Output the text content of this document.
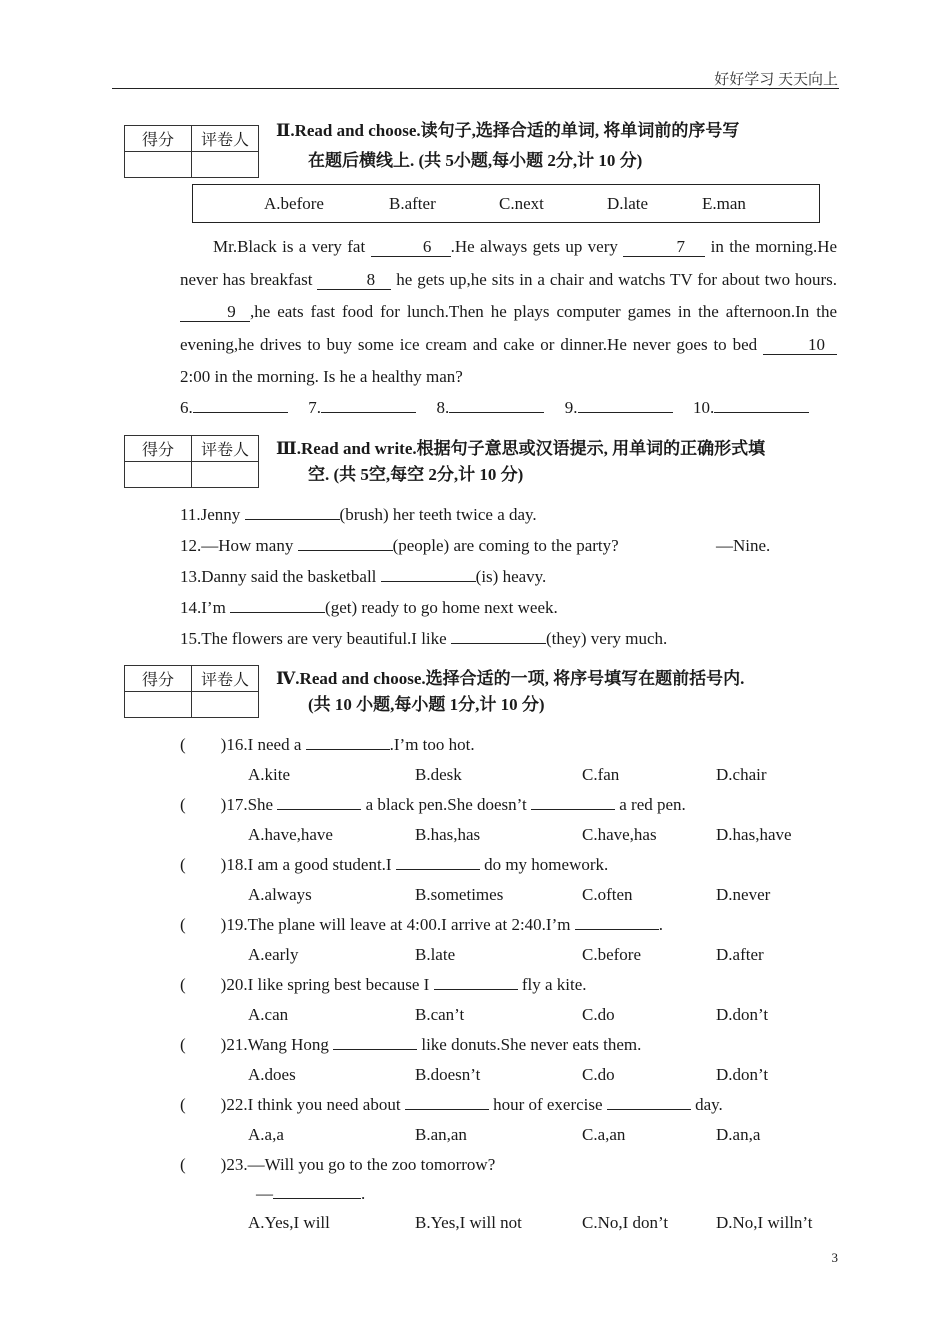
好好学习 天天向上
得分	评卷人

Ⅱ.Read and choose.读句子,选择合适的单词, 将单词前的序号写
在题后横线上. (共 5小题,每小题 2分,计 10 分)
A.before	B.after	C.next	D.late	E.man
Mr.Black is a very fat	6 .He always gets up very	7 in the morning.He never has breakfast	8 he gets up,he sits in a chair and watchs TV for about two hours.9 ,he eats fast food for lunch.Then he plays computer games in the afternoon.In the evening,he drives to buy some ice cream and cake or dinner.He never goes to bed	10 2:00 in the morning. Is he a healthy man?
6.	7.	8.	9.	10.
得分	评卷人
	Ⅲ.Read and write.根据句子意思或汉语提示, 用单词的正确形式填
空. (共 5空,每空 2分,计 10 分)
11.Jenny	(brush) her teeth twice a day.
12.—How many	(people) are coming to the party?	—Nine.
13.Danny said the basketball	(is) heavy.
14.I’m	(get) ready to go home next week.
15.The flowers are very beautiful.I like	(they) very much.
得分	评卷人
	Ⅳ.Read and choose.选择合适的一项, 将序号填写在题前括号内.
(共 10 小题,每小题 1分,计 10 分)
( )16.I need a	.I’m too hot.
A.kite	B.desk	C.fan	D.chair
( )17.She	a black pen.She doesn’t	a red pen.
A.have,have	B.has,has	C.have,has	D.has,have
( )18.I am a good student.I	do my homework.
A.always	B.sometimes	C.often	D.never
( )19.The plane will leave at 4:00.I arrive at 2:40.I’m	.
A.early	B.late	C.before	D.after
( )20.I like spring best because I	fly a kite.
A.can	B.can’t	C.do	D.don’t
( )21.Wang Hong	like donuts.She never eats them.
A.does	B.doesn’t	C.do	D.don’t
( )22.I think you need about	hour of exercise	day.
A.a,a	B.an,an	C.a,an	D.an,a
( )23.—Will you go to the zoo tomorrow?
—	.
A.Yes,I will	B.Yes,I will not	C.No,I don’t	D.No,I willn’t
3
